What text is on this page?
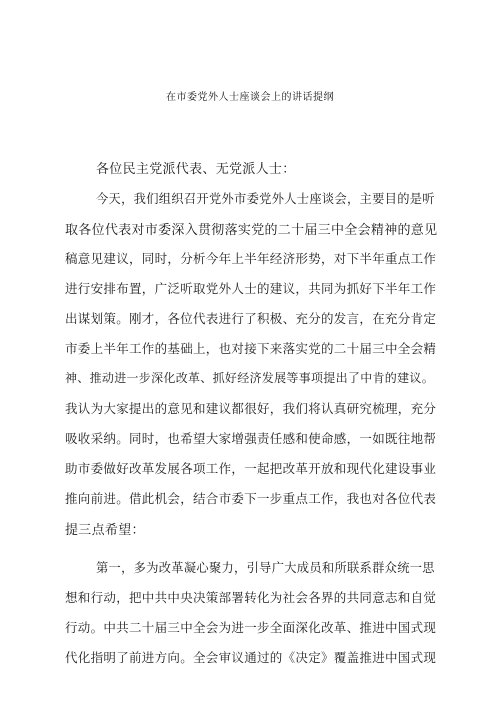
在市委党外人士座谈会上的讲话提纲
各位民主党派代表、无党派人士：
今天，我们组织召开党外市委党外人士座谈会，主要目的是听
取各位代表对市委深入贯彻落实党的二十届三中全会精神的意见
稿意见建议，同时，分析今年上半年经济形势，对下半年重点工作
进行安排布置，广泛听取党外人士的建议，共同为抓好下半年工作
出谋划策。刚才，各位代表进行了积极、充分的发言，在充分肯定
市委上半年工作的基础上，也对接下来落实党的二十届三中全会精
神、推动进一步深化改革、抓好经济发展等事项提出了中肯的建议。
我认为大家提出的意见和建议都很好，我们将认真研究梳理，充分
吸收采纳。同时，也希望大家增强责任感和使命感，一如既往地帮
助市委做好改革发展各项工作，一起把改革开放和现代化建设事业
推向前进。借此机会，结合市委下一步重点工作，我也对各位代表
提三点希望：
第一，多为改革凝心聚力，引导广大成员和所联系群众统一思
想和行动，把中共中央决策部署转化为社会各界的共同意志和自觉
行动。中共二十届三中全会为进一步全面深化改革、推进中国式现
代化指明了前进方向。全会审议通过的《决定》覆盖推进中国式现
